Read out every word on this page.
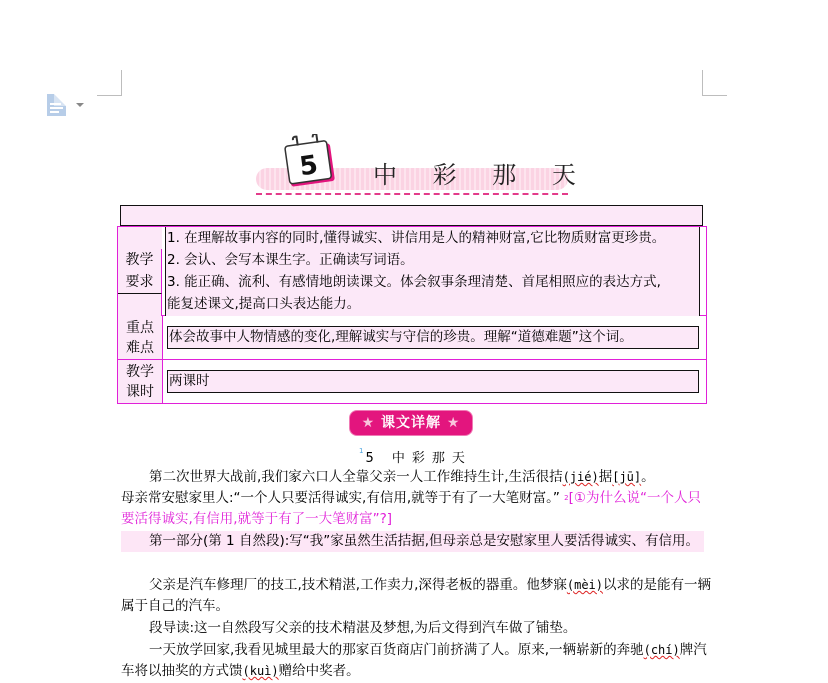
5 中 彩 那 天
教学
要求
1. 在理解故事内容的同时,懂得诚实、讲信用是人的精神财富,它比物质财富更珍贵。
2. 会认、会写本课生字。正确读写词语。
3. 能正确、流利、有感情地朗读课文。体会叙事条理清楚、首尾相照应的表达方式,
能复述课文,提高口头表达能力。
重点
难点
体会故事中人物情感的变化,理解诚实与守信的珍贵。理解“道德难题”这个词。
教学
课时
两课时
★ 课文详解 ★
$^1$ 5 中彩那天
第二次世界大战前,我们家六口人全靠父亲一人工作维持生计,生活很拮(jié)据[jū]。
母亲常安慰家里人:“一个人只要活得诚实,有信用,就等于有了一大笔财富。” $^2$[①为什么说“一个人只要活得诚实,有信用,就等于有了一大笔财富”?]
第一部分(第 1 自然段):写“我”家虽然生活拮据,但母亲总是安慰家里人要活得诚实、有信用。
父亲是汽车修理厂的技工,技术精湛,工作卖力,深得老板的器重。他梦寐(mèi)以求的是能有一辆属于自己的汽车。
段导读:这一自然段写父亲的技术精湛及梦想,为后文得到汽车做了铺垫。
一天放学回家,我看见城里最大的那家百货商店门前挤满了人。原来,一辆崭新的奔驰(chí)牌汽车将以抽奖的方式馈(kuì)赠给中奖者。
